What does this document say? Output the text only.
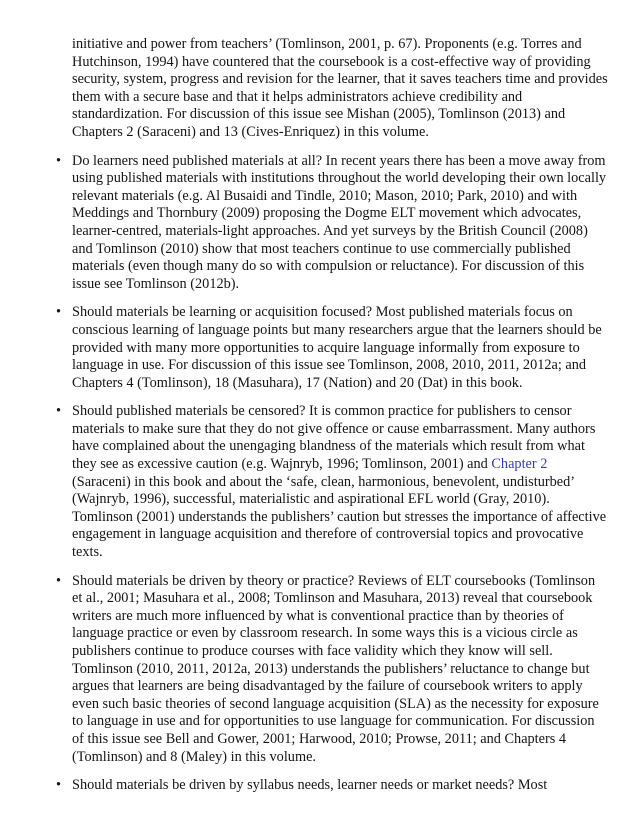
initiative and power from teachers’ (Tomlinson, 2001, p. 67). Proponents (e.g. Torres and Hutchinson, 1994) have countered that the coursebook is a cost-effective way of providing security, system, progress and revision for the learner, that it saves teachers time and provides them with a secure base and that it helps administrators achieve credibility and standardization. For discussion of this issue see Mishan (2005), Tomlinson (2013) and Chapters 2 (Saraceni) and 13 (Cives-Enriquez) in this volume.

• Do learners need published materials at all? In recent years there has been a move away from using published materials with institutions throughout the world developing their own locally relevant materials (e.g. Al Busaidi and Tindle, 2010; Mason, 2010; Park, 2010) and with Meddings and Thornbury (2009) proposing the Dogme ELT movement which advocates, learner-centred, materials-light approaches. And yet surveys by the British Council (2008) and Tomlinson (2010) show that most teachers continue to use commercially published materials (even though many do so with compulsion or reluctance). For discussion of this issue see Tomlinson (2012b).
• Should materials be learning or acquisition focused? Most published materials focus on conscious learning of language points but many researchers argue that the learners should be provided with many more opportunities to acquire language informally from exposure to language in use. For discussion of this issue see Tomlinson, 2008, 2010, 2011, 2012a; and Chapters 4 (Tomlinson), 18 (Masuhara), 17 (Nation) and 20 (Dat) in this book.
• Should published materials be censored? It is common practice for publishers to censor materials to make sure that they do not give offence or cause embarrassment. Many authors have complained about the unengaging blandness of the materials which result from what they see as excessive caution (e.g. Wajnryb, 1996; Tomlinson, 2001) and Chapter 2 (Saraceni) in this book and about the ‘safe, clean, harmonious, benevolent, undisturbed’ (Wajnryb, 1996), successful, materialistic and aspirational EFL world (Gray, 2010). Tomlinson (2001) understands the publishers’ caution but stresses the importance of affective engagement in language acquisition and therefore of controversial topics and provocative texts.
• Should materials be driven by theory or practice? Reviews of ELT coursebooks (Tomlinson et al., 2001; Masuhara et al., 2008; Tomlinson and Masuhara, 2013) reveal that coursebook writers are much more influenced by what is conventional practice than by theories of language practice or even by classroom research. In some ways this is a vicious circle as publishers continue to produce courses with face validity which they know will sell. Tomlinson (2010, 2011, 2012a, 2013) understands the publishers’ reluctance to change but argues that learners are being disadvantaged by the failure of coursebook writers to apply even such basic theories of second language acquisition (SLA) as the necessity for exposure to language in use and for opportunities to use language for communication. For discussion of this issue see Bell and Gower, 2001; Harwood, 2010; Prowse, 2011; and Chapters 4 (Tomlinson) and 8 (Maley) in this volume.
• Should materials be driven by syllabus needs, learner needs or market needs? Most
